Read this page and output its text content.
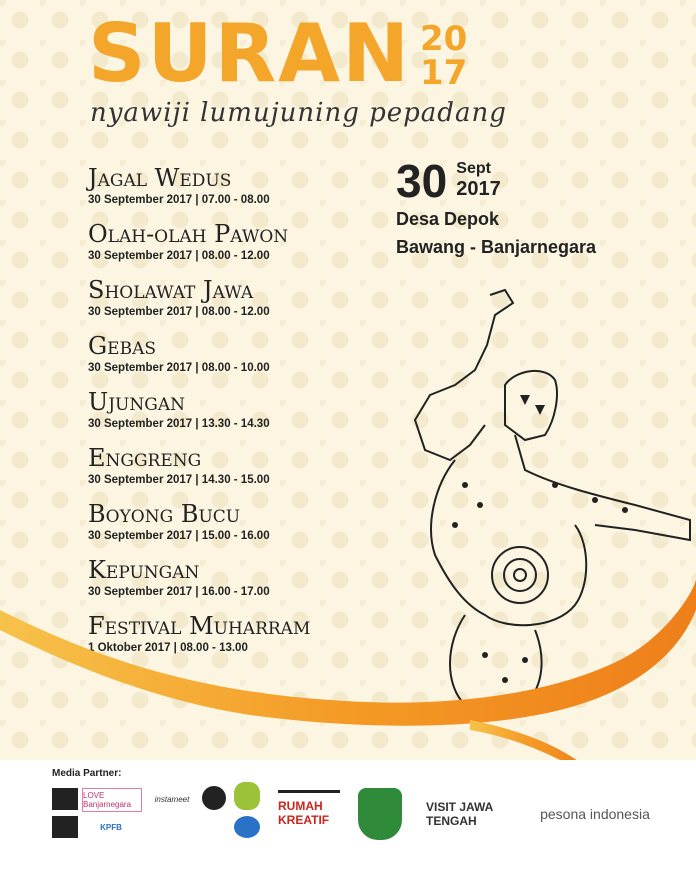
SURAN 20
17
nyawiji lumujuning pepadang
Jagal Wedus
30 September 2017 | 07.00 - 08.00
Olah-olah Pawon
30 September 2017 | 08.00 - 12.00
Sholawat Jawa
30 September 2017 | 08.00 - 12.00
Gebas
30 September 2017 | 08.00 - 10.00
Ujungan
30 September 2017 | 13.30 - 14.30
Enggreng
30 September 2017 | 14.30 - 15.00
Boyong Bucu
30 September 2017 | 15.00 - 16.00
Kepungan
30 September 2017 | 16.00 - 17.00
Festival Muharram
1 Oktober 2017 | 08.00 - 13.00
30 Sept
2017
Desa Depok
Bawang - Banjarnegara
Media Partner:
LOVE Banjarnegara
instameet
KPFB
RUMAH KREATIF
VISIT JAWA TENGAH	pesona indonesia
